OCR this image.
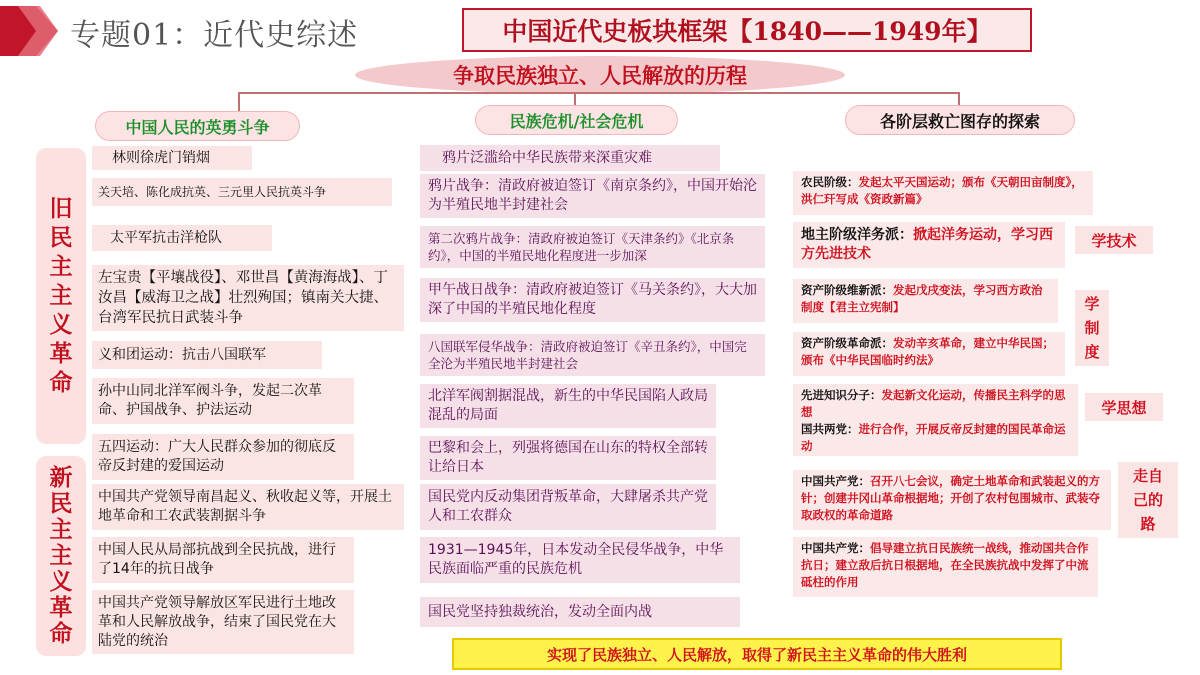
专题01：近代史综述	中国近代史板块框架【1840——1949年】
争取民族独立、人民解放的历程
中国人民的英勇斗争	民族危机/社会危机	各阶层救亡图存的探索
旧
民
主
主
义
革
命
新
民
主
主
义
革
命
林则徐虎门销烟
关天培、陈化成抗英、三元里人民抗英斗争
太平军抗击洋枪队
左宝贵【平壤战役】、邓世昌【黄海海战】、丁汝昌【威海卫之战】壮烈殉国；镇南关大捷、台湾军民抗日武装斗争
义和团运动：抗击八国联军
孙中山同北洋军阀斗争，发起二次革命、护国战争、护法运动
五四运动：广大人民群众参加的彻底反帝反封建的爱国运动
中国共产党领导南昌起义、秋收起义等，开展土地革命和工农武装割据斗争
中国人民从局部抗战到全民抗战，进行了14年的抗日战争
中国共产党领导解放区军民进行土地改革和人民解放战争，结束了国民党在大陆党的统治
鸦片泛滥给中华民族带来深重灾难
鸦片战争：清政府被迫签订《南京条约》，中国开始沦为半殖民地半封建社会
第二次鸦片战争：清政府被迫签订《天津条约》《北京条约》，中国的半殖民地化程度进一步加深
甲午战日战争：清政府被迫签订《马关条约》，大大加深了中国的半殖民地化程度
八国联军侵华战争：清政府被迫签订《辛丑条约》，中国完全沦为半殖民地半封建社会
北洋军阀割据混战，新生的中华民国陷人政局混乱的局面
巴黎和会上，列强将德国在山东的特权全部转让给日本
国民党内反动集团背叛革命，大肆屠杀共产党人和工农群众
1931—1945年，日本发动全民侵华战争，中华民族面临严重的民族危机
国民党坚持独裁统治，发动全面内战
农民阶级：发起太平天国运动；颁布《天朝田亩制度》，洪仁玕写成《资政新篇》
地主阶级洋务派：掀起洋务运动，学习西方先进技术
资产阶级维新派：发起戊戌变法，学习西方政治制度【君主立宪制】
资产阶级革命派：发动辛亥革命，建立中华民国；颁布《中华民国临时约法》
先进知识分子：发起新文化运动，传播民主科学的思想
国共两党：进行合作，开展反帝反封建的国民革命运动
中国共产党：召开八七会议，确定土地革命和武装起义的方针；创建井冈山革命根据地；开创了农村包围城市、武装夺取政权的革命道路
中国共产党：倡导建立抗日民族统一战线，推动国共合作抗日；建立敌后抗日根据地，在全民族抗战中发挥了中流砥柱的作用
学技术
学
制
度
学思想
走自
己的
路
实现了民族独立、人民解放，取得了新民主主义革命的伟大胜利
